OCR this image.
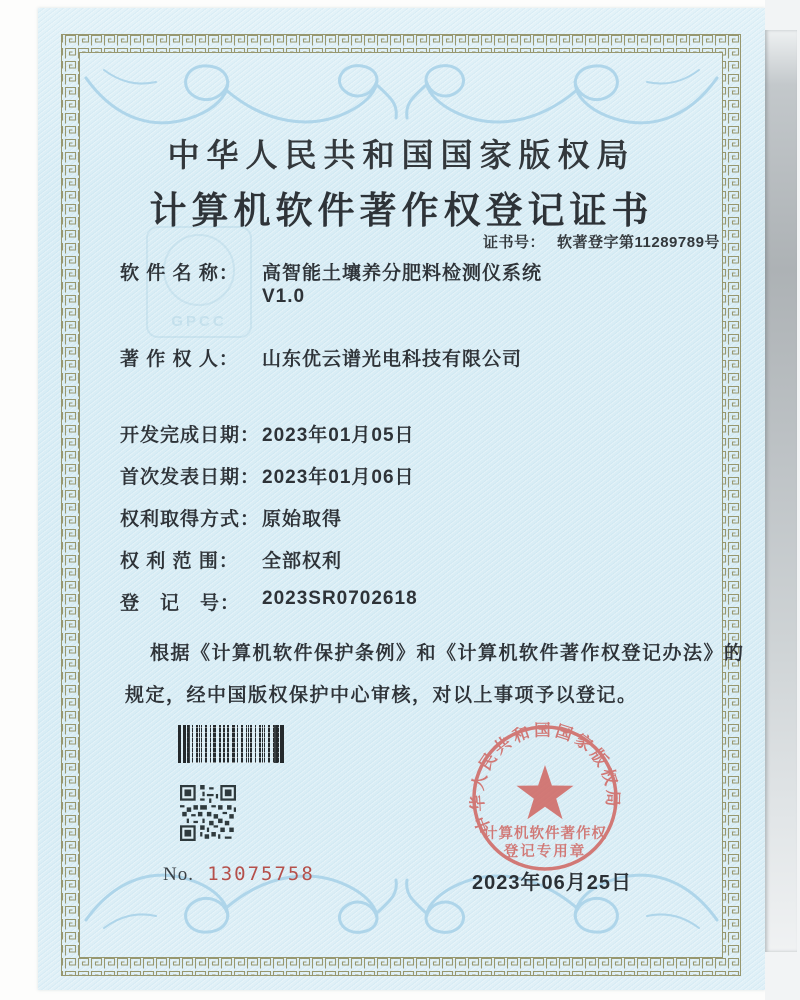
GPCC
中华人民共和国国家版权局
计算机软件著作权登记证书
证书号： 软著登字第11289789号
软 件 名 称：	高智能土壤养分肥料检测仪系统
V1.0
著 作 权 人：	山东优云谱光电科技有限公司
开发完成日期： 2023年01月05日
首次发表日期： 2023年01月06日
权利取得方式： 原始取得
权 利 范 围：	全部权利
登　记　号：	2023SR0702618
根据《计算机软件保护条例》和《计算机软件著作权登记办法》的
规定，经中国版权保护中心审核，对以上事项予以登记。
No. 13075758	2023年06月25日
中华人民共和国国家版权局
计算机软件著作权
登记专用章
